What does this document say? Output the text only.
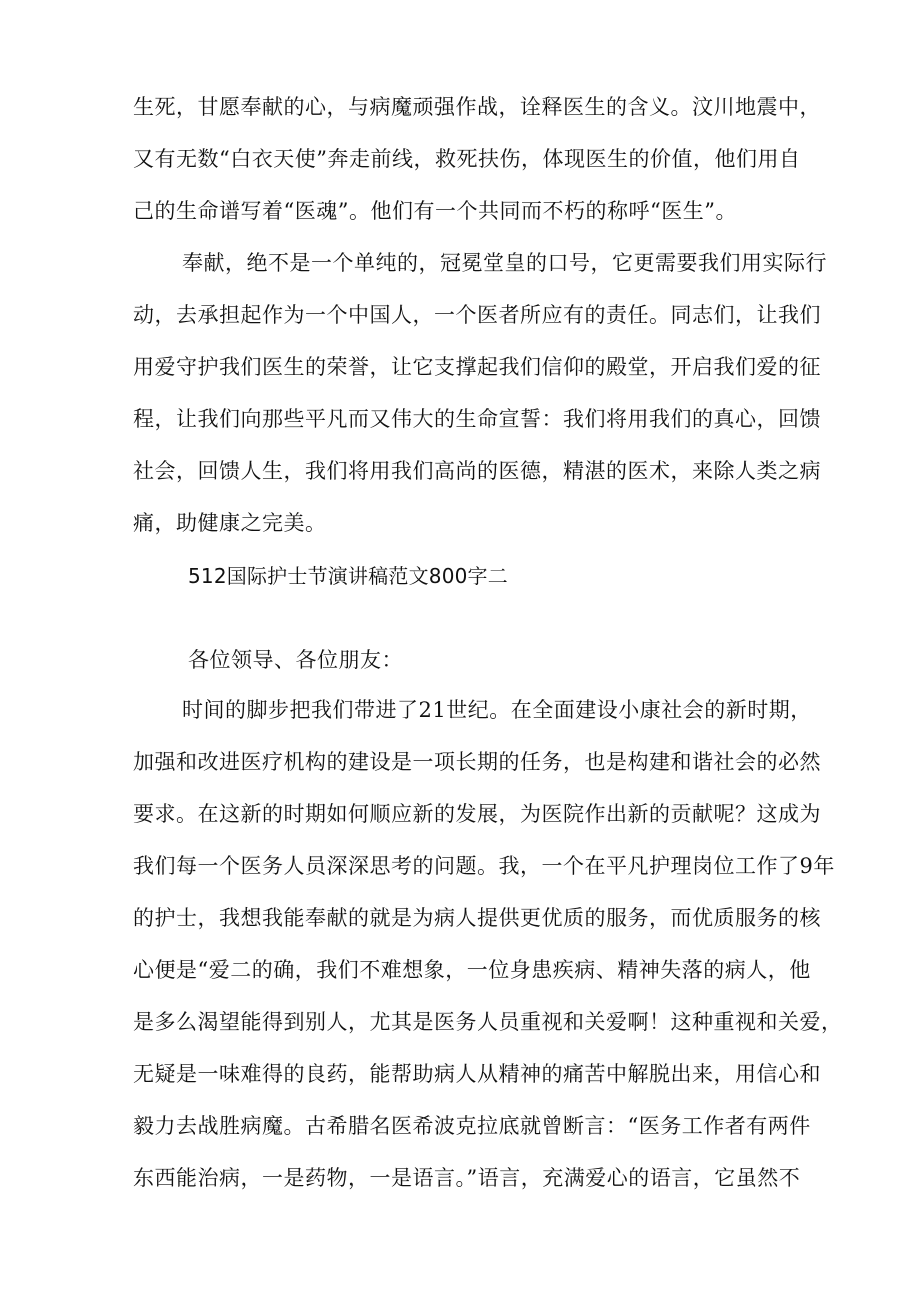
生死，甘愿奉献的心，与病魔顽强作战，诠释医生的含义。汶川地震中，
又有无数“白衣天使”奔走前线，救死扶伤，体现医生的价值，他们用自
己的生命谱写着“医魂”。他们有一个共同而不朽的称呼“医生”。
奉献，绝不是一个单纯的，冠冕堂皇的口号，它更需要我们用实际行
动，去承担起作为一个中国人，一个医者所应有的责任。同志们，让我们
用爱守护我们医生的荣誉，让它支撑起我们信仰的殿堂，开启我们爱的征
程，让我们向那些平凡而又伟大的生命宣誓：我们将用我们的真心，回馈
社会，回馈人生，我们将用我们高尚的医德，精湛的医术，来除人类之病
痛，助健康之完美。
512国际护士节演讲稿范文800字二
各位领导、各位朋友：
时间的脚步把我们带进了21世纪。在全面建设小康社会的新时期，
加强和改进医疗机构的建设是一项长期的任务，也是构建和谐社会的必然
要求。在这新的时期如何顺应新的发展，为医院作出新的贡献呢？这成为
我们每一个医务人员深深思考的问题。我，一个在平凡护理岗位工作了9年
的护士，我想我能奉献的就是为病人提供更优质的服务，而优质服务的核
心便是“爱二的确，我们不难想象，一位身患疾病、精神失落的病人，他
是多么渴望能得到别人，尤其是医务人员重视和关爱啊！这种重视和关爱，
无疑是一味难得的良药，能帮助病人从精神的痛苦中解脱出来，用信心和
毅力去战胜病魔。古希腊名医希波克拉底就曾断言：“医务工作者有两件
东西能治病，一是药物，一是语言。”语言，充满爱心的语言，它虽然不
